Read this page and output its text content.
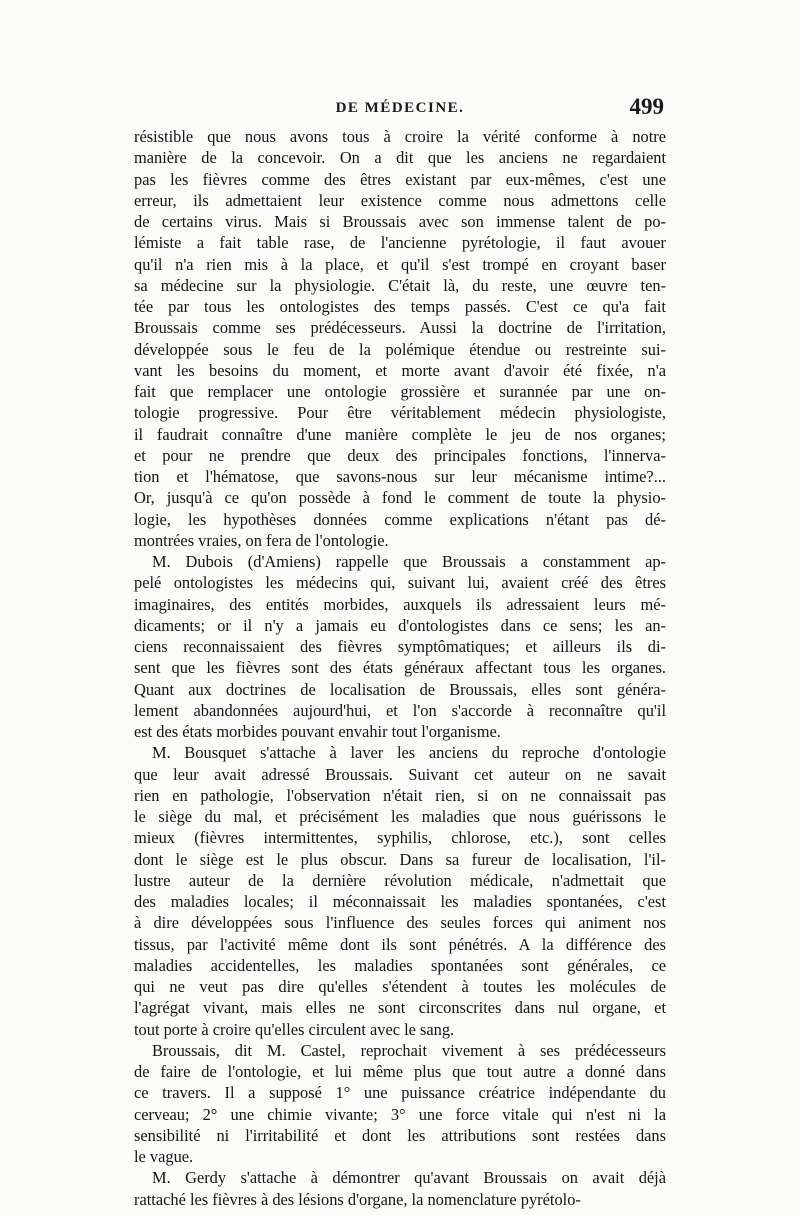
DE MÉDECINE.	499
résistible que nous avons tous à croire la vérité conforme à notre
manière de la concevoir. On a dit que les anciens ne regardaient
pas les fièvres comme des êtres existant par eux-mêmes, c'est une
erreur, ils admettaient leur existence comme nous admettons celle
de certains virus. Mais si Broussais avec son immense talent de po-
lémiste a fait table rase, de l'ancienne pyrétologie, il faut avouer
qu'il n'a rien mis à la place, et qu'il s'est trompé en croyant baser
sa médecine sur la physiologie. C'était là, du reste, une œuvre ten-
tée par tous les ontologistes des temps passés. C'est ce qu'a fait
Broussais comme ses prédécesseurs. Aussi la doctrine de l'irritation,
développée sous le feu de la polémique étendue ou restreinte sui-
vant les besoins du moment, et morte avant d'avoir été fixée, n'a
fait que remplacer une ontologie grossière et surannée par une on-
tologie progressive. Pour être véritablement médecin physiologiste,
il faudrait connaître d'une manière complète le jeu de nos organes;
et pour ne prendre que deux des principales fonctions, l'innerva-
tion et l'hématose, que savons-nous sur leur mécanisme intime?...
Or, jusqu'à ce qu'on possède à fond le comment de toute la physio-
logie, les hypothèses données comme explications n'étant pas dé-
montrées vraies, on fera de l'ontologie.
M. Dubois (d'Amiens) rappelle que Broussais a constamment ap-
pelé ontologistes les médecins qui, suivant lui, avaient créé des êtres
imaginaires, des entités morbides, auxquels ils adressaient leurs mé-
dicaments; or il n'y a jamais eu d'ontologistes dans ce sens; les an-
ciens reconnaissaient des fièvres symptômatiques; et ailleurs ils di-
sent que les fièvres sont des états généraux affectant tous les organes.
Quant aux doctrines de localisation de Broussais, elles sont généra-
lement abandonnées aujourd'hui, et l'on s'accorde à reconnaître qu'il
est des états morbides pouvant envahir tout l'organisme.
M. Bousquet s'attache à laver les anciens du reproche d'ontologie
que leur avait adressé Broussais. Suivant cet auteur on ne savait
rien en pathologie, l'observation n'était rien, si on ne connaissait pas
le siège du mal, et précisément les maladies que nous guérissons le
mieux (fièvres intermittentes, syphilis, chlorose, etc.), sont celles
dont le siège est le plus obscur. Dans sa fureur de localisation, l'il-
lustre auteur de la dernière révolution médicale, n'admettait que
des maladies locales; il méconnaissait les maladies spontanées, c'est
à dire développées sous l'influence des seules forces qui animent nos
tissus, par l'activité même dont ils sont pénétrés. A la différence des
maladies accidentelles, les maladies spontanées sont générales, ce
qui ne veut pas dire qu'elles s'étendent à toutes les molécules de
l'agrégat vivant, mais elles ne sont circonscrites dans nul organe, et
tout porte à croire qu'elles circulent avec le sang.
Broussais, dit M. Castel, reprochait vivement à ses prédécesseurs
de faire de l'ontologie, et lui même plus que tout autre a donné dans
ce travers. Il a supposé 1° une puissance créatrice indépendante du
cerveau; 2° une chimie vivante; 3° une force vitale qui n'est ni la
sensibilité ni l'irritabilité et dont les attributions sont restées dans
le vague.
M. Gerdy s'attache à démontrer qu'avant Broussais on avait déjà
rattaché les fièvres à des lésions d'organe, la nomenclature pyrétolo-
